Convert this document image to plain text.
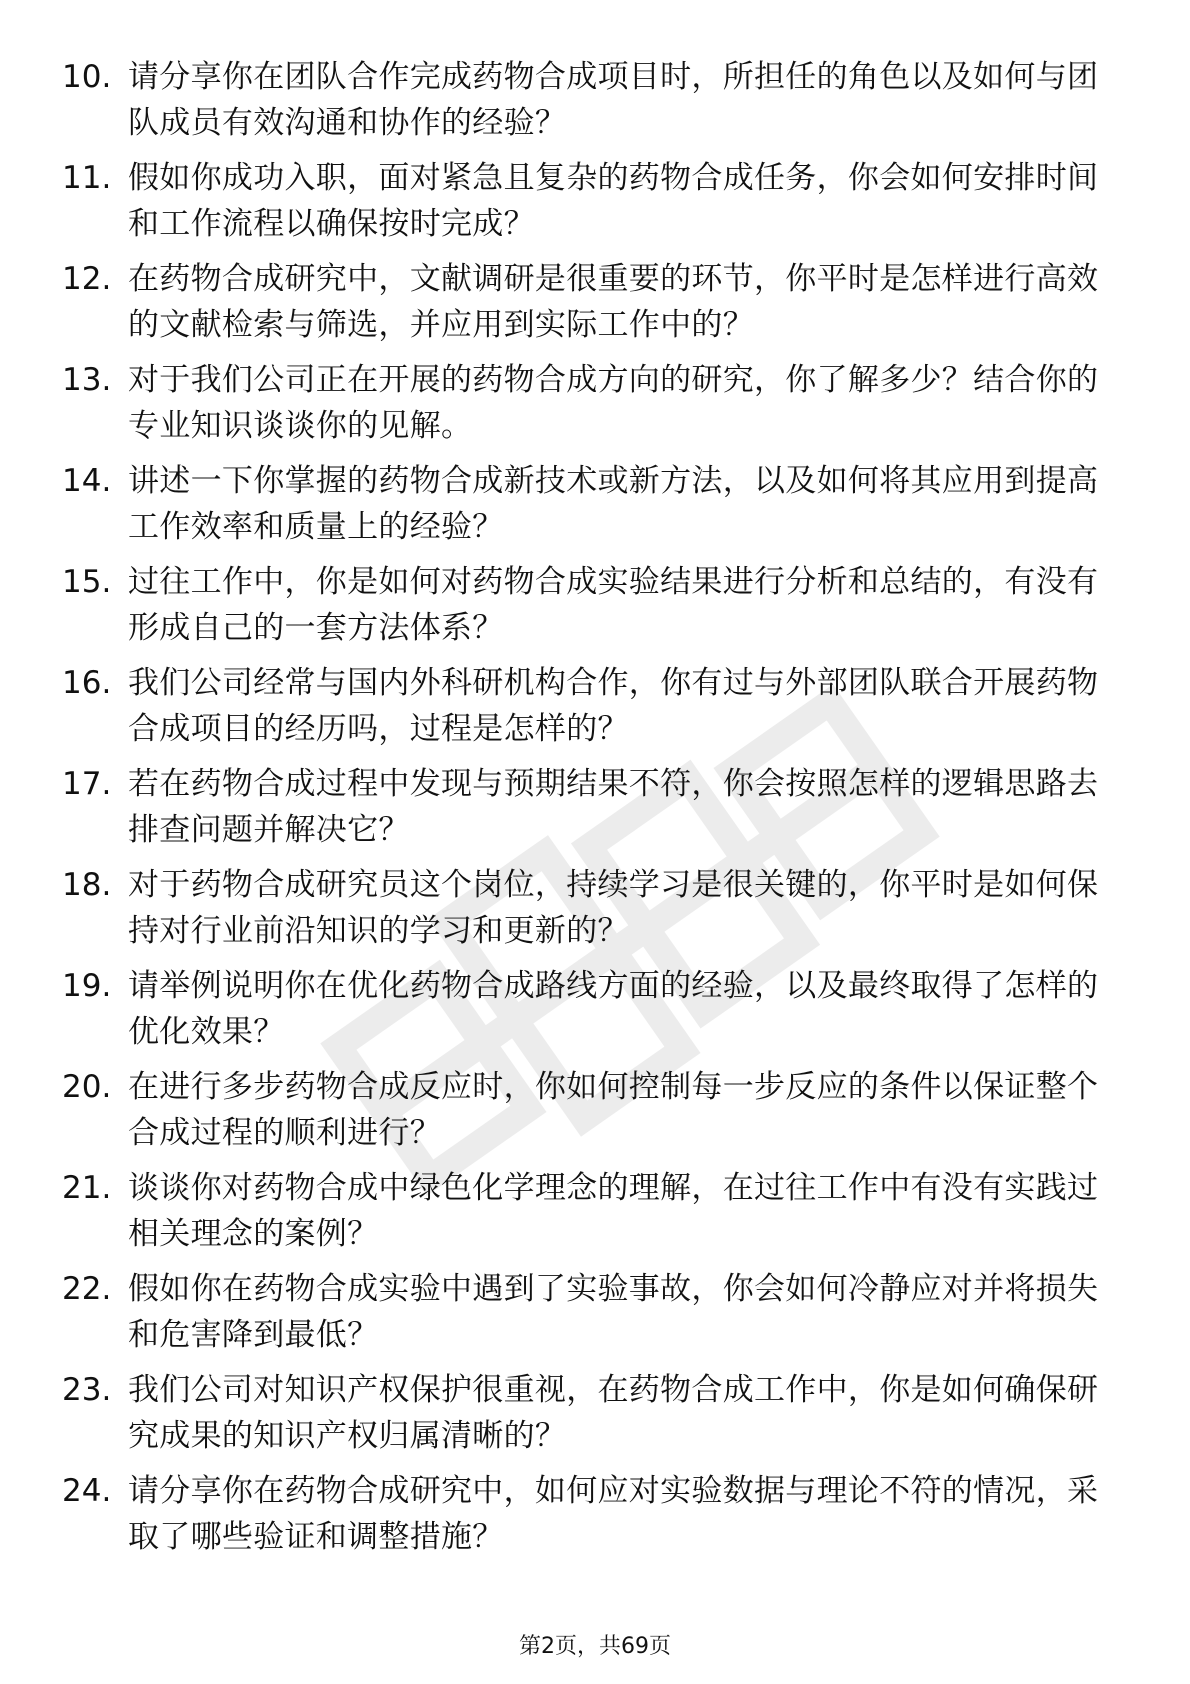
10. 请分享你在团队合作完成药物合成项目时，所担任的角色以及如何与团队成员有效沟通和协作的经验？
11. 假如你成功入职，面对紧急且复杂的药物合成任务，你会如何安排时间和工作流程以确保按时完成？
12. 在药物合成研究中，文献调研是很重要的环节，你平时是怎样进行高效的文献检索与筛选，并应用到实际工作中的？
13. 对于我们公司正在开展的药物合成方向的研究，你了解多少？结合你的专业知识谈谈你的见解。
14. 讲述一下你掌握的药物合成新技术或新方法，以及如何将其应用到提高工作效率和质量上的经验？
15. 过往工作中，你是如何对药物合成实验结果进行分析和总结的，有没有形成自己的一套方法体系？
16. 我们公司经常与国内外科研机构合作，你有过与外部团队联合开展药物合成项目的经历吗，过程是怎样的？
17. 若在药物合成过程中发现与预期结果不符，你会按照怎样的逻辑思路去排查问题并解决它？
18. 对于药物合成研究员这个岗位，持续学习是很关键的，你平时是如何保持对行业前沿知识的学习和更新的？
19. 请举例说明你在优化药物合成路线方面的经验，以及最终取得了怎样的优化效果？
20. 在进行多步药物合成反应时，你如何控制每一步反应的条件以保证整个合成过程的顺利进行？
21. 谈谈你对药物合成中绿色化学理念的理解，在过往工作中有没有实践过相关理念的案例？
22. 假如你在药物合成实验中遇到了实验事故，你会如何冷静应对并将损失和危害降到最低？
23. 我们公司对知识产权保护很重视，在药物合成工作中，你是如何确保研究成果的知识产权归属清晰的？
24. 请分享你在药物合成研究中，如何应对实验数据与理论不符的情况，采取了哪些验证和调整措施？
第2页，共69页
